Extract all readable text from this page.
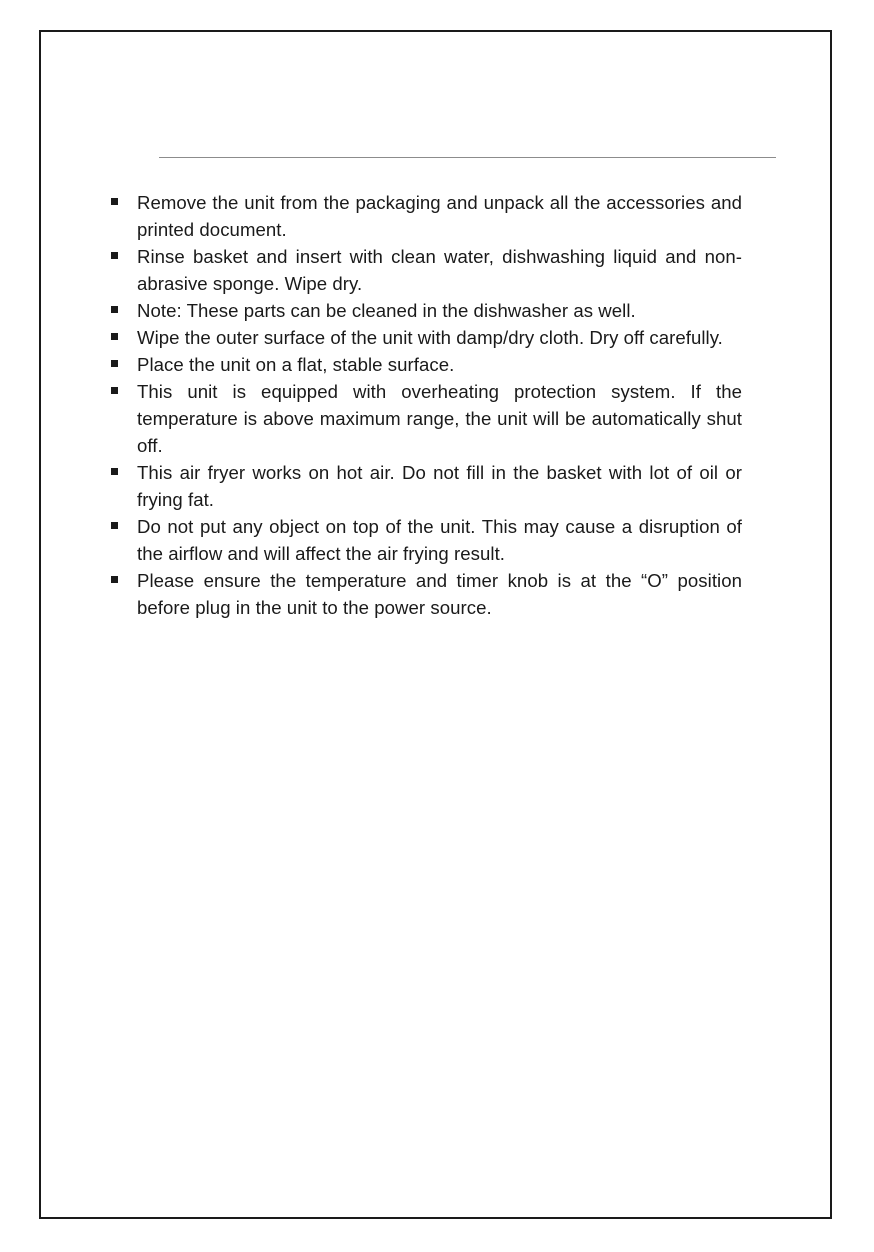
Remove the unit from the packaging and unpack all the accessories and printed document.
Rinse basket and insert with clean water, dishwashing liquid and non-abrasive sponge. Wipe dry.
Note: These parts can be cleaned in the dishwasher as well.
Wipe the outer surface of the unit with damp/dry cloth. Dry off carefully.
Place the unit on a flat, stable surface.
This unit is equipped with overheating protection system. If the temperature is above maximum range, the unit will be automatically shut off.
This air fryer works on hot air. Do not fill in the basket with lot of oil or frying fat.
Do not put any object on top of the unit. This may cause a disruption of the airflow and will affect the air frying result.
Please ensure the temperature and timer knob is at the “O” position before plug in the unit to the power source.
